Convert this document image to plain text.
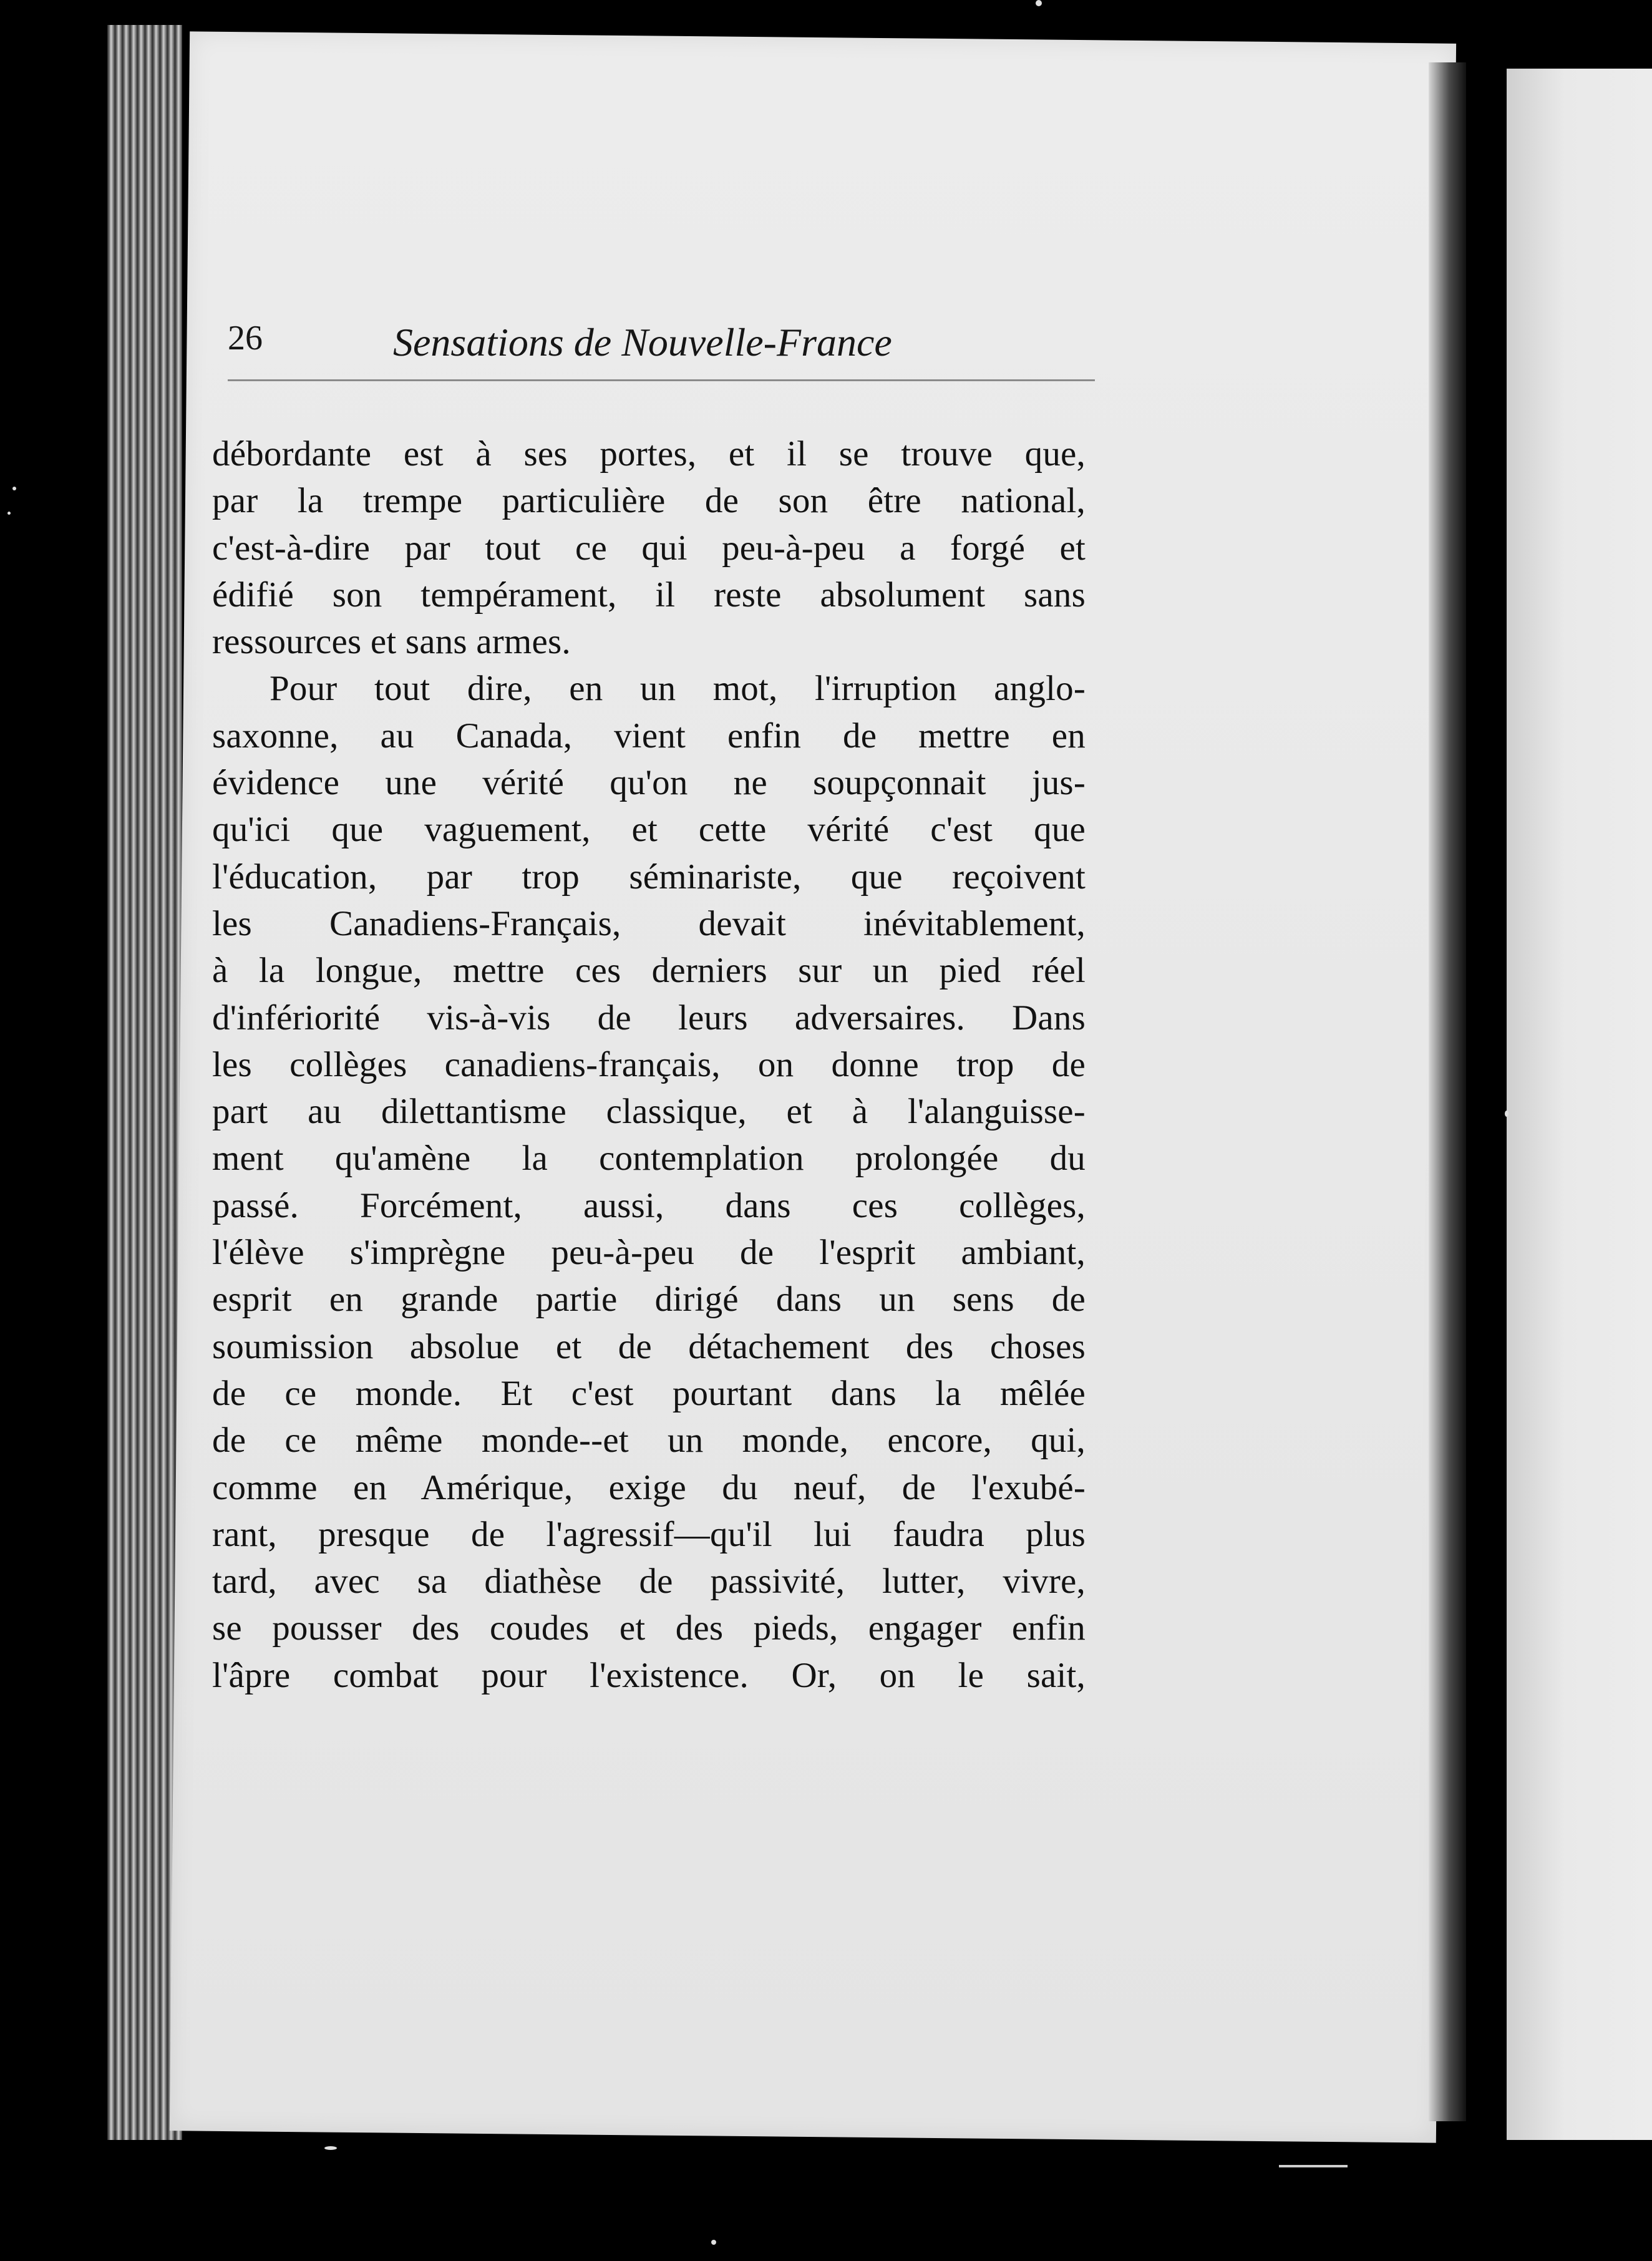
26	Sensations de Nouvelle-France
débordante est à ses portes, et il se trouve que,
par la trempe particulière de son être national,
c'est-à-dire par tout ce qui peu-à-peu a forgé et
édifié son tempérament, il reste absolument sans
ressources et sans armes.
Pour tout dire, en un mot, l'irruption anglo-
saxonne, au Canada, vient enfin de mettre en
évidence une vérité qu'on ne soupçonnait jus-
qu'ici que vaguement, et cette vérité c'est que
l'éducation, par trop séminariste, que reçoivent
les Canadiens-Français, devait inévitablement,
à la longue, mettre ces derniers sur un pied réel
d'infériorité vis-à-vis de leurs adversaires. Dans
les collèges canadiens-français, on donne trop de
part au dilettantisme classique, et à l'alanguisse-
ment qu'amène la contemplation prolongée du
passé. Forcément, aussi, dans ces collèges,
l'élève s'imprègne peu-à-peu de l'esprit ambiant,
esprit en grande partie dirigé dans un sens de
soumission absolue et de détachement des choses
de ce monde. Et c'est pourtant dans la mêlée
de ce même monde--et un monde, encore, qui,
comme en Amérique, exige du neuf, de l'exubé-
rant, presque de l'agressif—qu'il lui faudra plus
tard, avec sa diathèse de passivité, lutter, vivre,
se pousser des coudes et des pieds, engager enfin
l'âpre combat pour l'existence. Or, on le sait,
